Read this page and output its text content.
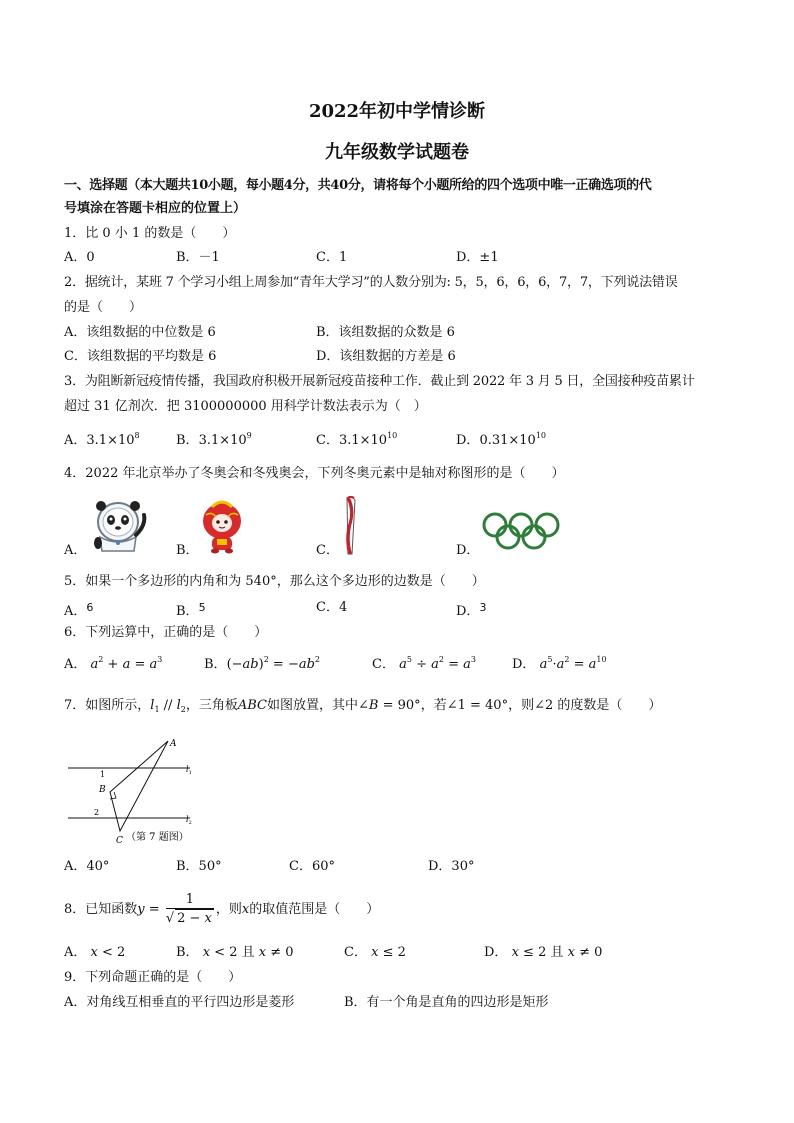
2022年初中学情诊断
九年级数学试题卷
一、选择题（本大题共10小题，每小题4分，共40分，请将每个小题所给的四个选项中唯一正确选项的代
号填涂在答题卡相应的位置上）
1．比 0 小 1 的数是（　　）
A．0	B．－1	C．1	D．±1
2．据统计，某班 7 个学习小组上周参加“青年大学习”的人数分别为: 5，5，6，6，6，7，7，下列说法错误
的是（　　）
A．该组数据的中位数是 6	B．该组数据的众数是 6
C．该组数据的平均数是 6	D．该组数据的方差是 6
3．为阻断新冠疫情传播，我国政府积极开展新冠疫苗接种工作．截止到 2022 年 3 月 5 日，全国接种疫苗累计
超过 31 亿剂次．把 3100000000 用科学计数法表示为（　）
A．$3.1\times 10^8$	B．$3.1\times 10^9$	C．$3.1\times 10^{10}$	D．$0.31\times 10^{10}$
4．2022 年北京举办了冬奥会和冬残奥会，下列冬奥元素中是轴对称图形的是（　　）
A．	B．	C．	D．
5．如果一个多边形的内角和为 540°，那么这个多边形的边数是（　　）
A．$^6$	B．$^5$	C．4	D．$^3$
6．下列运算中，正确的是（　　）
A． $a^2 + a = a^3$	B．$(-ab)^2 = -ab^2$	C． $a^5 \div a^2 = a^3$	D． $a^5\cdot a^2 = a^{10}$
7．如图所示，$l_1 // l_2$，三角板ABC如图放置，其中∠B = 90°，若∠1 = 40°，则∠2 的度数是（　　）
A
B
C
1
2
$l_1$
$l_2$
（第 7 题图）
A．40°	B．50°	C．60°	D．30°
8．已知函数$y = \frac{1}{√ 2 - x}$ ，则x的取值范围是（　　）
A． x < 2	B． x < 2 且 x ≠ 0	C． x ≤ 2	D． x ≤ 2 且 x ≠ 0
9．下列命题正确的是（　　）
A．对角线互相垂直的平行四边形是菱形	B．有一个角是直角的四边形是矩形
